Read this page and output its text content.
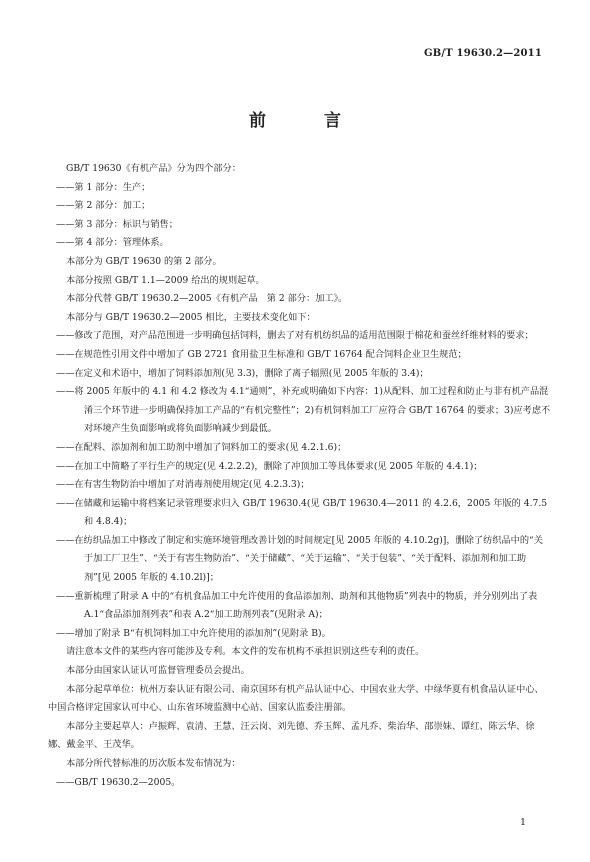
GB/T 19630.2—2011
前 言

GB/T 19630《有机产品》分为四个部分：

——第 1 部分：生产；

——第 2 部分：加工；

——第 3 部分：标识与销售；

——第 4 部分：管理体系。

本部分为 GB/T 19630 的第 2 部分。

本部分按照 GB/T 1.1—2009 给出的规则起草。

本部分代替 GB/T 19630.2—2005《有机产品　第 2 部分：加工》。

本部分与 GB/T 19630.2—2005 相比，主要技术变化如下：

——修改了范围，对产品范围进一步明确包括饲料，删去了对有机纺织品的适用范围限于棉花和蚕丝纤维材料的要求；

——在规范性引用文件中增加了 GB 2721 食用盐卫生标准和 GB/T 16764 配合饲料企业卫生规范；

——在定义和术语中，增加了饲料添加剂(见 3.3)，删除了离子辐照(见 2005 年版的 3.4)；

——将 2005 年版中的 4.1 和 4.2 修改为 4.1“通则”，补充或明确如下内容：1)从配料、加工过程和防止与非有机产品混淆三个环节进一步明确保持加工产品的“有机完整性”；2)有机饲料加工厂应符合 GB/T 16764 的要求；3)应考虑不对环境产生负面影响或将负面影响减少到最低。

——在配料、添加剂和加工助剂中增加了饲料加工的要求(见 4.2.1.6)；

——在加工中简略了平行生产的规定(见 4.2.2.2)，删除了冲顶加工等具体要求(见 2005 年版的 4.4.1)；

——在有害生物防治中增加了对消毒剂使用规定(见 4.2.3.3)；

——在储藏和运输中将档案记录管理要求归入 GB/T 19630.4(见 GB/T 19630.4—2011 的 4.2.6，2005 年版的 4.7.5 和 4.8.4)；

——在纺织品加工中修改了制定和实施环境管理改善计划的时间规定[见 2005 年版的 4.10.2g)]，删除了纺织品中的“关于加工厂卫生”、“关于有害生物防治”、“关于储藏”、“关于运输”、“关于包装”、“关于配料、添加剂和加工助剂”[见 2005 年版的 4.10.2l)]；

——重新梳理了附录 A 中的“有机食品加工中允许使用的食品添加剂、助剂和其他物质”列表中的物质，并分别列出了表 A.1“食品添加剂列表”和表 A.2“加工助剂列表”(见附录 A)；

——增加了附录 B“有机饲料加工中允许使用的添加剂”(见附录 B)。

请注意本文件的某些内容可能涉及专利。本文件的发布机构不承担识别这些专利的责任。

本部分由国家认证认可监督管理委员会提出。

本部分起草单位：杭州万泰认证有限公司、南京国环有机产品认证中心、中国农业大学、中绿华夏有机食品认证中心、中国合格评定国家认可中心、山东省环境监测中心站、国家认监委注册部。

本部分主要起草人：卢振辉、袁清、王慧、汪云岗、刘先德、乔玉辉、孟凡乔、柴治华、邵崇妹、谭红、陈云华、徐娜、戴金平、王茂华。

本部分所代替标准的历次版本发布情况为：

——GB/T 19630.2—2005。

1
